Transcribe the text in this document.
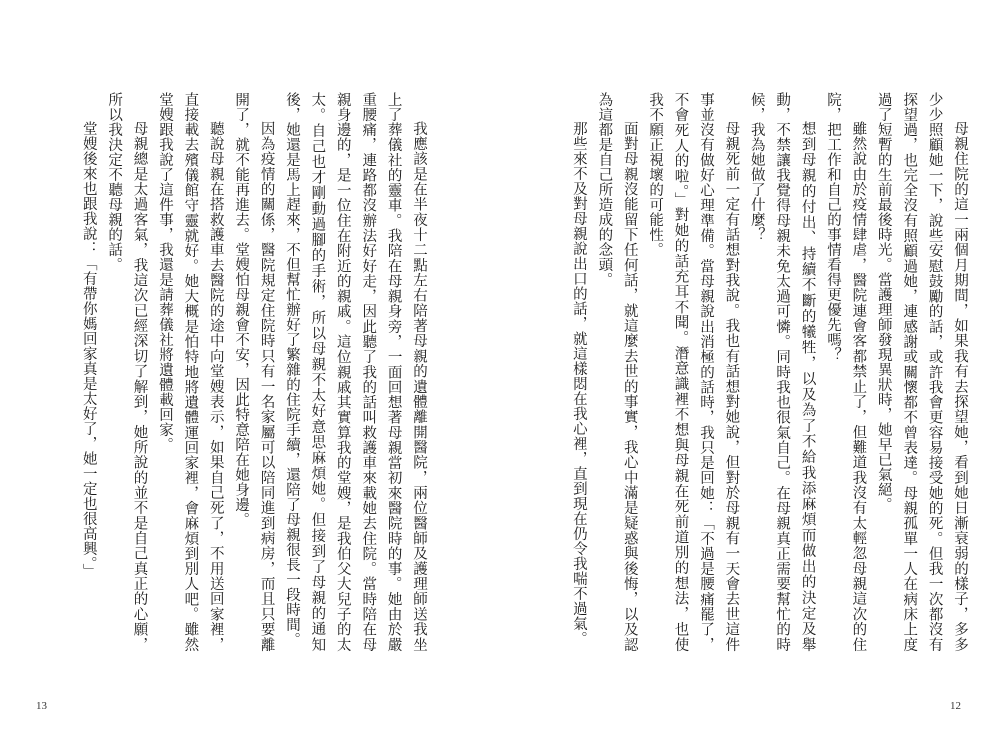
我應該是在半夜十二點左右陪著母親的遺體離開醫院，兩位醫師及護理師送我坐上了葬儀社的靈車。我陪在母親身旁，一面回想著母親當初來醫院時的事。她由於嚴重腰痛，連路都沒辦法好好走，因此聽了我的話叫救護車來載她去住院。當時陪在母親身邊的，是一位住在附近的親戚。這位親戚其實算我的堂嫂，是我伯父大兒子的太太。自己也才剛動過腳的手術，所以母親不太好意思麻煩她。但接到了母親的通知後，她還是馬上趕來，不但幫忙辦好了繁雜的住院手續，還陪了母親很長一段時間。

因為疫情的關係，醫院規定住院時只有一名家屬可以陪同進到病房，而且只要離開了，就不能再進去。堂嫂怕母親會不安，因此特意陪在她身邊。

聽說母親在搭救護車去醫院的途中向堂嫂表示，如果自己死了，不用送回家裡，直接載去殯儀館守靈就好。她大概是怕特地將遺體運回家裡，會麻煩到別人吧。雖然堂嫂跟我說了這件事，我還是請葬儀社將遺體載回家。

母親總是太過客氣，我這次已經深切了解到，她所說的並不是自己真正的心願，所以我決定不聽母親的話。

堂嫂後來也跟我說：「有帶你媽回家真是太好了，她一定也很高興。」

13

母親住院的這一兩個月期間，如果我有去探望她，看到她日漸衰弱的樣子，多多少少照顧她一下，說些安慰鼓勵的話，或許我會更容易接受她的死。但我一次都沒有探望過，也完全沒有照顧過她，連感謝或關懷都不曾表達。母親孤單一人在病床上度過了短暫的生前最後時光。當護理師發現異狀時，她早已氣絕。

雖然說由於疫情肆虐，醫院連會客都禁止了，但難道我沒有太輕忽母親這次的住院，把工作和自己的事情看得更優先嗎？

想到母親的付出、持續不斷的犧牲，以及為了不給我添麻煩而做出的決定及舉動，不禁讓我覺得母親未免太過可憐。同時我也很氣自己。在母親真正需要幫忙的時候，我為她做了什麼？

母親死前一定有話想對我說。我也有話想對她說，但對於母親有一天會去世這件事並沒有做好心理準備。當母親說出消極的話時，我只是回她：「不過是腰痛罷了，不會死人的啦。」對她的話充耳不聞。潛意識裡不想與母親在死前道別的想法，也使我不願正視壞的可能性。

面對母親沒能留下任何話，就這麼去世的事實，我心中滿是疑惑與後悔，以及認為這都是自己所造成的念頭。

那些來不及對母親說出口的話，就這樣悶在我心裡，直到現在仍令我喘不過氣。

12
